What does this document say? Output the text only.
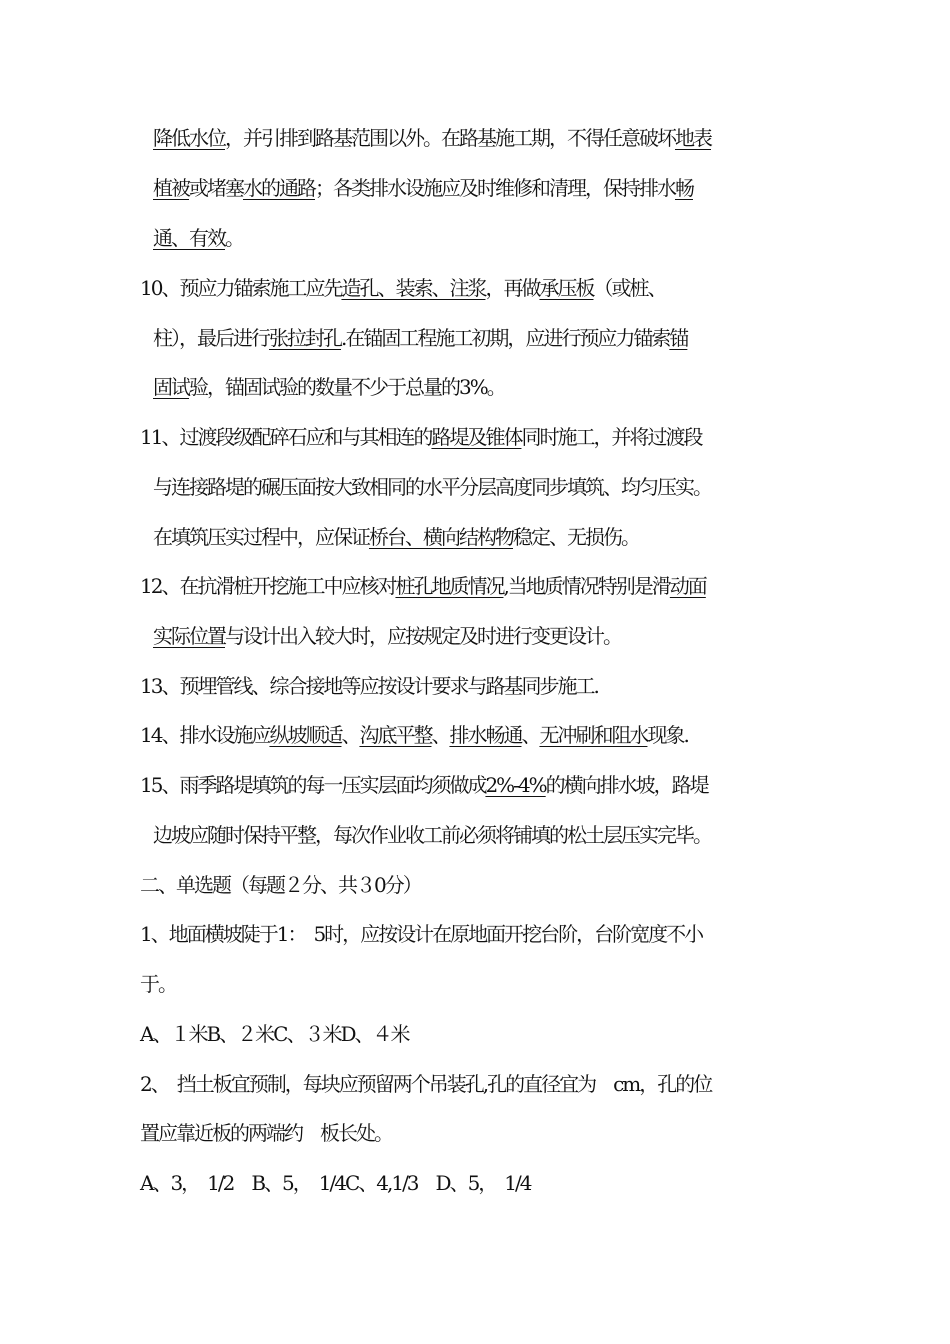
降低水位，并引排到路基范围以外。在路基施工期，不得任意破坏地表
植被或堵塞水的通路；各类排水设施应及时维修和清理，保持排水畅
通、有效。
10、预应力锚索施工应先造孔、装索、注浆，再做承压板（或桩、
柱），最后进行张拉封孔.在锚固工程施工初期，应进行预应力锚索锚
固试验，锚固试验的数量不少于总量的3%。
11、过渡段级配碎石应和与其相连的路堤及锥体同时施工，并将过渡段
与连接路堤的碾压面按大致相同的水平分层高度同步填筑、均匀压实。
在填筑压实过程中，应保证桥台、横向结构物稳定、无损伤。
12、在抗滑桩开挖施工中应核对桩孔地质情况,当地质情况特别是滑动面
实际位置与设计出入较大时，应按规定及时进行变更设计。
13、预埋管线、综合接地等应按设计要求与路基同步施工.
14、排水设施应纵坡顺适、沟底平整、排水畅通、无冲刷和阻水现象.
15、雨季路堤填筑的每一压实层面均须做成2%-4%的横向排水坡，路堤
边坡应随时保持平整，每次作业收工前必须将铺填的松土层压实完毕。
二、单选题（每题２分、共３0分）
1、地面横坡陡于1：　5时，应按设计在原地面开挖台阶，台阶宽度不小
于。
A、１米B、２米C、３米D、４米
2、　挡土板宜预制，每块应预留两个吊装孔,孔的直径宜为　cm，孔的位
置应靠近板的两端约　板长处。
A、3，　1/2　B、5，　1/4C、4,1/3　D、5，　1/4
